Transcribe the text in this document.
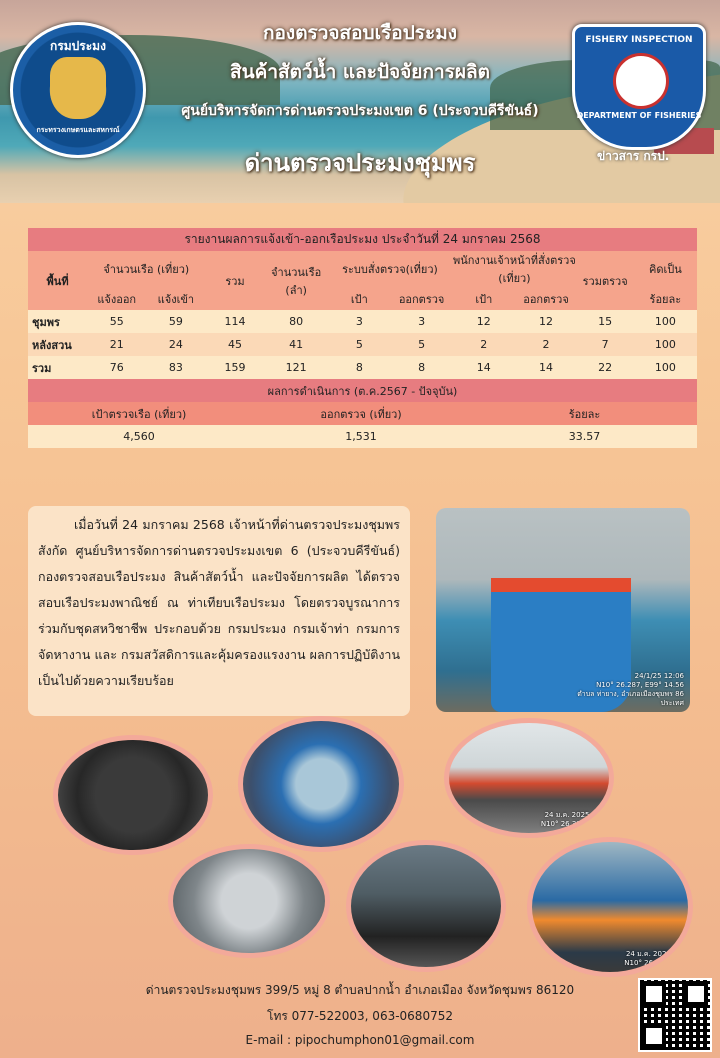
กรมประมง
กระทรวงเกษตรและสหกรณ์
FISHERY INSPECTION
DEPARTMENT OF FISHERIES
ข่าวสาร กรป.
กองตรวจสอบเรือประมง
สินค้าสัตว์น้ำ และปัจจัยการผลิต
ศูนย์บริหารจัดการด่านตรวจประมงเขต 6 (ประจวบคีรีขันธ์)
ด่านตรวจประมงชุมพร
รายงานผลการแจ้งเข้า-ออกเรือประมง ประจำวันที่ 24 มกราคม 2568										
พื้นที่	จำนวนเรือ (เที่ยว)		รวม	จำนวนเรือ (ลำ)	ระบบสั่งตรวจ(เที่ยว)		พนักงานเจ้าหน้าที่สั่งตรวจ (เที่ยว)		รวมตรวจ	คิดเป็น
	แจ้งออก	แจ้งเข้า			เป้า	ออกตรวจ	เป้า	ออกตรวจ		ร้อยละ
ชุมพร	55	59	114	80	3	3	12	12	15	100
หลังสวน	21	24	45	41	5	5	2	2	7	100
รวม	76	83	159	121	8	8	14	14	22	100
ผลการดำเนินการ (ต.ค.2567 - ปัจจุบัน)		
เป้าตรวจเรือ (เที่ยว)	ออกตรวจ (เที่ยว)	ร้อยละ
4,560	1,531	33.57
เมื่อวันที่ 24 มกราคม 2568 เจ้าหน้าที่ด่านตรวจประมงชุมพร สังกัด ศูนย์บริหารจัดการด่านตรวจประมงเขต 6 (ประจวบคีรีขันธ์) กองตรวจสอบเรือประมง สินค้าสัตว์น้ำ และปัจจัยการผลิต ได้ตรวจสอบเรือประมงพาณิชย์ ณ ท่าเทียบเรือประมง โดยตรวจบูรณาการร่วมกับชุดสหวิชาชีพ ประกอบด้วย กรมประมง กรมเจ้าท่า กรมการจัดหางาน และ กรมสวัสดิการและคุ้มครองแรงงาน ผลการปฏิบัติงานเป็นไปด้วยความเรียบร้อย	24/1/25 12:06
N10° 26.287, E99° 14.56
ตำบล ท่ายาง, อำเภอเมืองชุมพร 86
ประเทศ
24 ม.ค. 2025 12:
N10° 26.399, E99
24 ม.ค. 2025 11
N10° 26.37, E99
ด่านตรวจประมงชุมพร 399/5 หมู่ 8 ตำบลปากน้ำ อำเภอเมือง จังหวัดชุมพร 86120
โทร 077-522003, 063-0680752
E-mail : pipochumphon01@gmail.com
